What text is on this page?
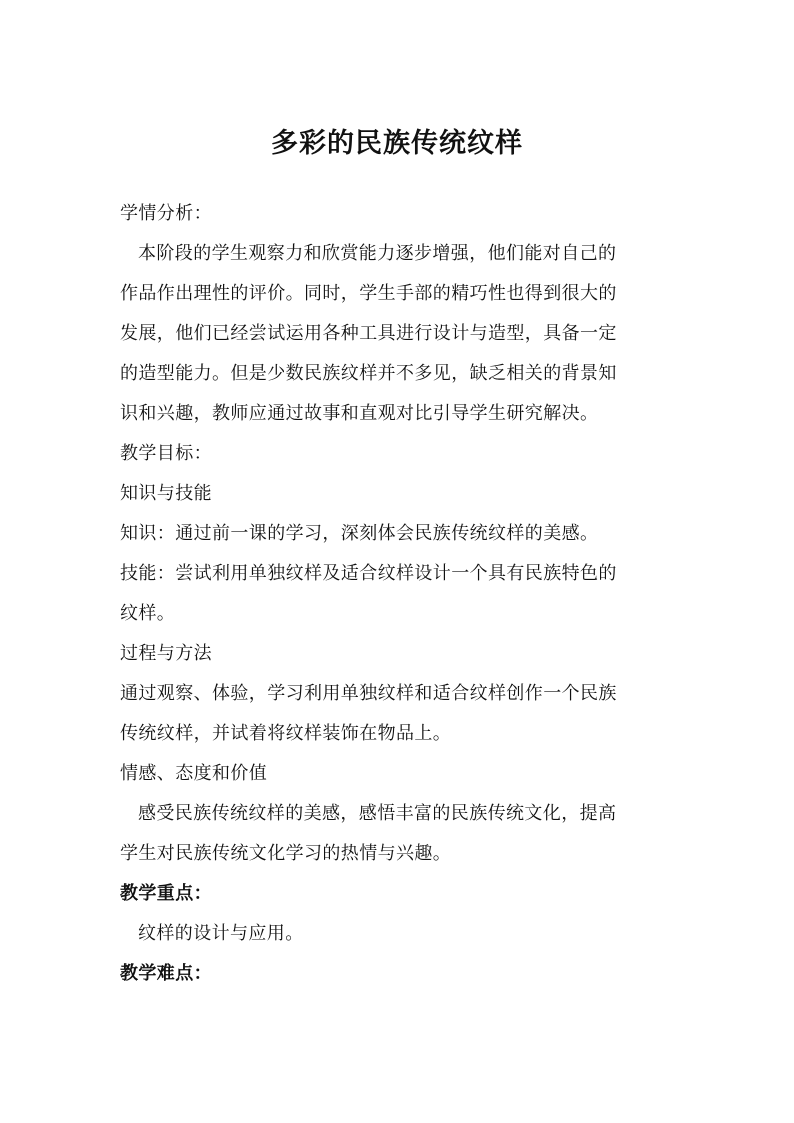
多彩的民族传统纹样
学情分析：
本阶段的学生观察力和欣赏能力逐步增强，他们能对自己的
作品作出理性的评价。同时，学生手部的精巧性也得到很大的
发展，他们已经尝试运用各种工具进行设计与造型，具备一定
的造型能力。但是少数民族纹样并不多见，缺乏相关的背景知
识和兴趣，教师应通过故事和直观对比引导学生研究解决。
教学目标：
知识与技能
知识：通过前一课的学习，深刻体会民族传统纹样的美感。
技能：尝试利用单独纹样及适合纹样设计一个具有民族特色的
纹样。
过程与方法
通过观察、体验，学习利用单独纹样和适合纹样创作一个民族
传统纹样，并试着将纹样装饰在物品上。
情感、态度和价值
感受民族传统纹样的美感，感悟丰富的民族传统文化，提高
学生对民族传统文化学习的热情与兴趣。
教学重点：
纹样的设计与应用。
教学难点：
